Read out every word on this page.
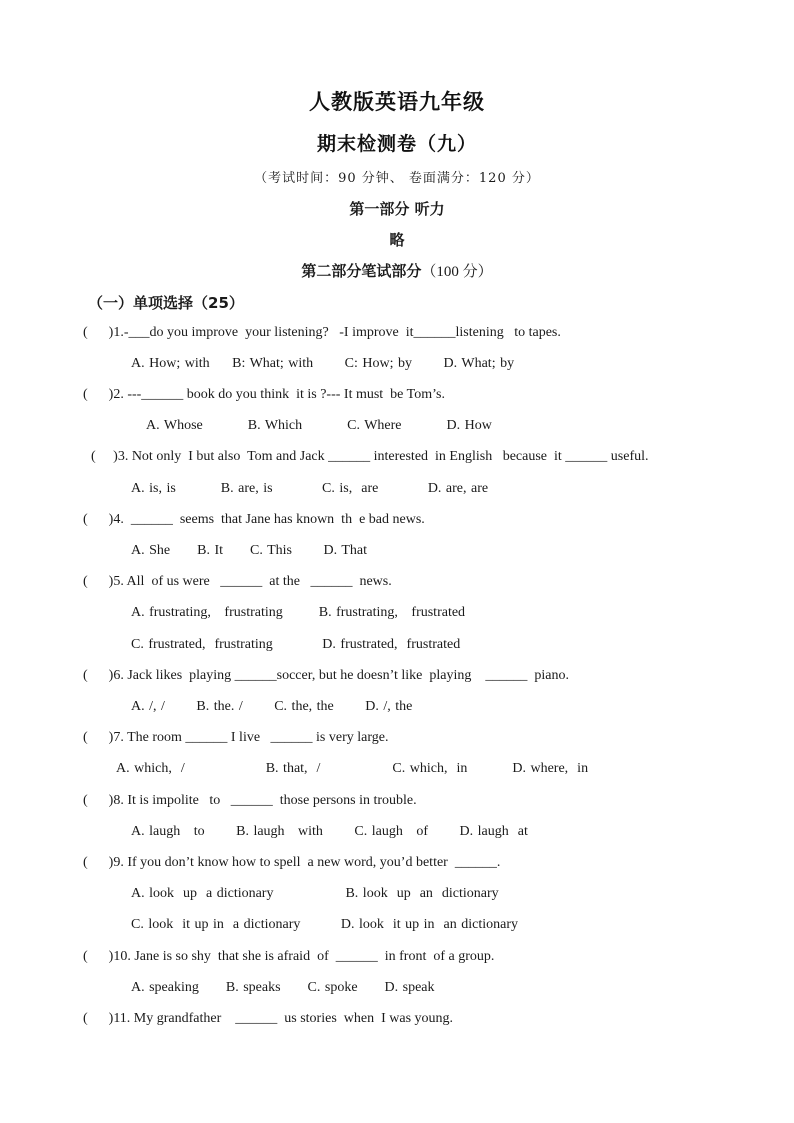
人教版英语九年级
期末检测卷（九）
（考试时间：90 分钟、 卷面满分：120 分）
第一部分 听力
略
第二部分笔试部分（100 分）
（一）单项选择（25）
(      )1.-___do you improve  your listening?   -I improve  it______listening   to tapes.
A. How; with     B: What; with       C: How; by       D. What; by
(      )2. ---______ book do you think  it is ?--- It must  be Tom’s.
A. Whose          B. Which          C. Where          D. How
(     )3. Not only  I but also  Tom and Jack ______ interested  in English   because  it ______ useful.
A. is, is          B. are, is           C. is,  are           D. are, are
(      )4.  ______  seems  that Jane has known  th  e bad news.
A. She      B. It      C. This       D. That
(      )5. All  of us were   ______  at the   ______  news.
A. frustrating,   frustrating        B. frustrating,   frustrated
C. frustrated,  frustrating           D. frustrated,  frustrated
(      )6. Jack likes  playing ______soccer, but he doesn’t like  playing    ______  piano.
A. /, /       B. the. /       C. the, the       D. /, the
(      )7. The room ______ I live   ______ is very large.
A. which,  /                  B. that,  /                C. which,  in          D. where,  in
(      )8. It is impolite   to   ______  those persons in trouble.
A. laugh   to       B. laugh   with       C. laugh   of       D. laugh  at
(      )9. If you don’t know how to spell  a new word, you’d better  ______.
A. look  up  a dictionary                B. look  up  an  dictionary
C. look  it up in  a dictionary         D. look  it up in  an dictionary
(      )10. Jane is so shy  that she is afraid  of  ______  in front  of a group.
A. speaking      B. speaks      C. spoke      D. speak
(      )11. My grandfather    ______  us stories  when  I was young.
